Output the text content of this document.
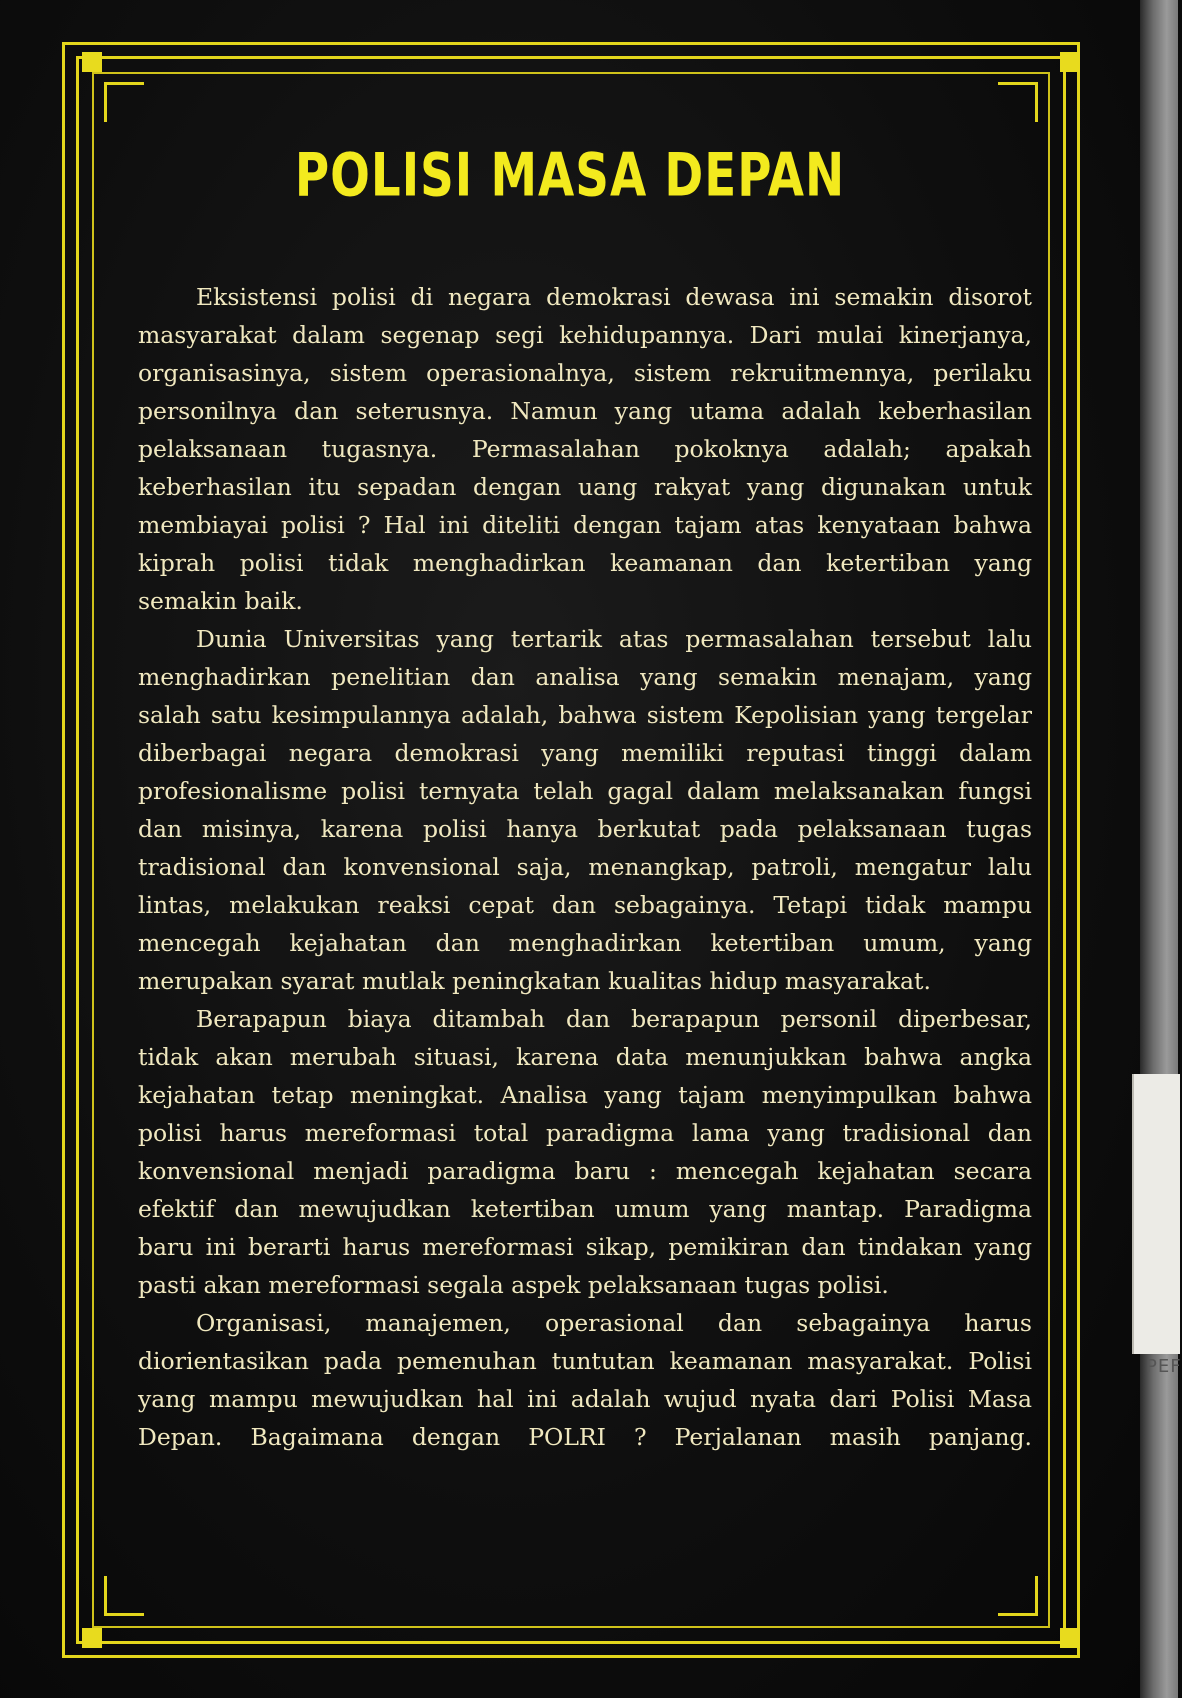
PEF
POLISI MASA DEPAN
Eksistensi polisi di negara demokrasi dewasa ini semakin disorot
masyarakat dalam segenap segi kehidupannya. Dari mulai kinerjanya,
organisasinya, sistem operasionalnya, sistem rekruitmennya, perilaku
personilnya dan seterusnya. Namun yang utama adalah keberhasilan
pelaksanaan tugasnya. Permasalahan pokoknya adalah; apakah
keberhasilan itu sepadan dengan uang rakyat yang digunakan untuk
membiayai polisi ? Hal ini diteliti dengan tajam atas kenyataan bahwa
kiprah polisi tidak menghadirkan keamanan dan ketertiban yang
semakin baik.
Dunia Universitas yang tertarik atas permasalahan tersebut lalu
menghadirkan penelitian dan analisa yang semakin menajam, yang
salah satu kesimpulannya adalah, bahwa sistem Kepolisian yang tergelar
diberbagai negara demokrasi yang memiliki reputasi tinggi dalam
profesionalisme polisi ternyata telah gagal dalam melaksanakan fungsi
dan misinya, karena polisi hanya berkutat pada pelaksanaan tugas
tradisional dan konvensional saja, menangkap, patroli, mengatur lalu
lintas, melakukan reaksi cepat dan sebagainya. Tetapi tidak mampu
mencegah kejahatan dan menghadirkan ketertiban umum, yang
merupakan syarat mutlak peningkatan kualitas hidup masyarakat.
Berapapun biaya ditambah dan berapapun personil diperbesar,
tidak akan merubah situasi, karena data menunjukkan bahwa angka
kejahatan tetap meningkat. Analisa yang tajam menyimpulkan bahwa
polisi harus mereformasi total paradigma lama yang tradisional dan
konvensional menjadi paradigma baru : mencegah kejahatan secara
efektif dan mewujudkan ketertiban umum yang mantap. Paradigma
baru ini berarti harus mereformasi sikap, pemikiran dan tindakan yang
pasti akan mereformasi segala aspek pelaksanaan tugas polisi.
Organisasi, manajemen, operasional dan sebagainya harus
diorientasikan pada pemenuhan tuntutan keamanan masyarakat. Polisi
yang mampu mewujudkan hal ini adalah wujud nyata dari Polisi Masa
Depan. Bagaimana dengan POLRI ? Perjalanan masih panjang.
